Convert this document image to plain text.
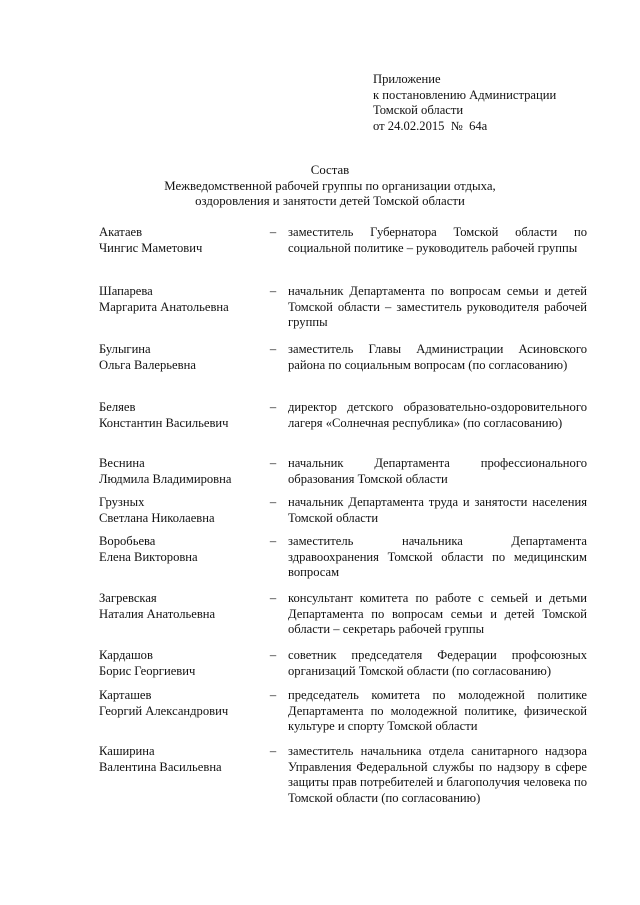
Приложение
к постановлению Администрации
Томской области
от 24.02.2015  №  64а
Состав
Межведомственной рабочей группы по организации отдыха,
оздоровления и занятости детей Томской области
Акатаев
Чингис Маметович
– заместитель Губернатора Томской области по социальной политике – руководитель рабочей группы
Шапарева
Маргарита Анатольевна
– начальник Департамента по вопросам семьи и детей Томской области – заместитель руководителя рабочей группы
Булыгина
Ольга Валерьевна
– заместитель Главы Администрации Асиновского района по социальным вопросам (по согласованию)
Беляев
Константин Васильевич
– директор детского образовательно-оздоровительного лагеря «Солнечная республика» (по согласованию)
Веснина
Людмила Владимировна
– начальник Департамента профессионального образования Томской области
Грузных
Светлана Николаевна
– начальник Департамента труда и занятости населения Томской области
Воробьева
Елена Викторовна
– заместитель начальника Департамента здравоохранения Томской области по медицинским вопросам
Загревская
Наталия Анатольевна
– консультант комитета по работе с семьей и детьми Департамента по вопросам семьи и детей Томской области – секретарь рабочей группы
Кардашов
Борис Георгиевич
– советник председателя Федерации профсоюзных организаций Томской области (по согласованию)
Карташев
Георгий Александрович
– председатель комитета по молодежной политике Департамента по молодежной политике, физической культуре и спорту Томской области
Каширина
Валентина Васильевна
– заместитель начальника отдела санитарного надзора Управления Федеральной службы по надзору в сфере защиты прав потребителей и благополучия человека по Томской области (по согласованию)
